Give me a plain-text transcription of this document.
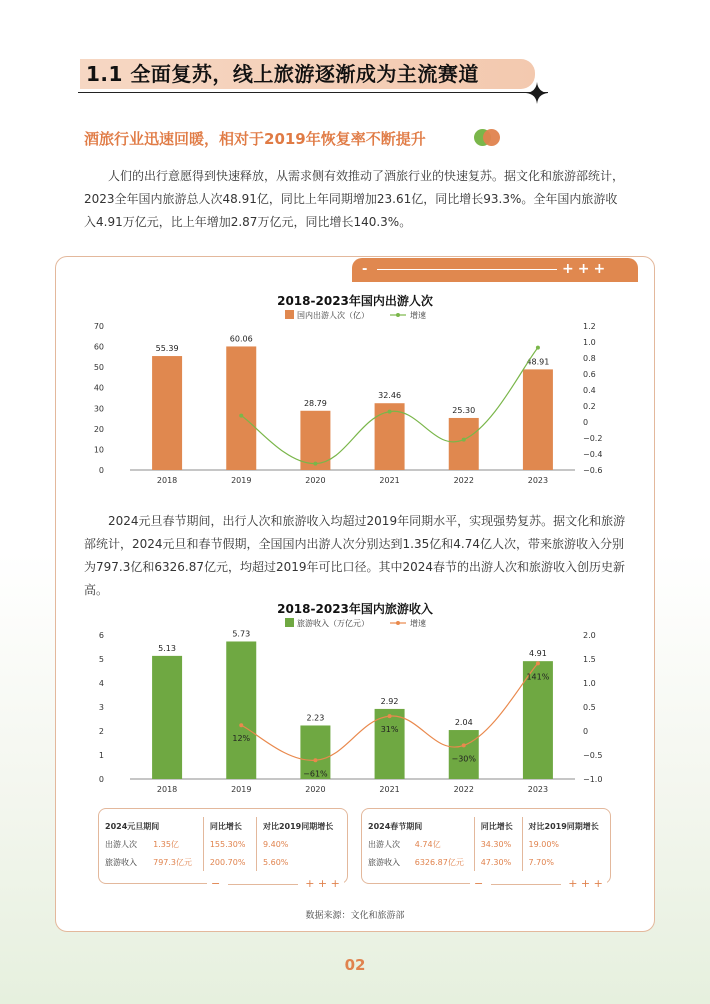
1.1 全面复苏，线上旅游逐渐成为主流赛道
酒旅行业迅速回暖，相对于2019年恢复率不断提升

人们的出行意愿得到快速释放，从需求侧有效推动了酒旅行业的快速复苏。据文化和旅游部统计，2023全年国内旅游总人次48.91亿，同比上年同期增加23.61亿，同比增长93.3%。全年国内旅游收入4.91万亿元，比上年增加2.87万亿元，同比增长140.3%。

-	+++
2018-2023年国内出游人次
国内出游人次（亿）	增速
0
10
20
30
40
50
60
70
−0.6
−0.4
−0.2
0
0.2
0.4
0.6
0.8
1.0
1.2
55.39
2018
60.06
2019
28.79
2020
32.46
2021
25.30
2022
48.91
2023

2024元旦春节期间，出行人次和旅游收入均超过2019年同期水平，实现强势复苏。据文化和旅游部统计，2024元旦和春节假期，全国国内出游人次分别达到1.35亿和4.74亿人次，带来旅游收入分别为797.3亿和6326.87亿元，均超过2019年可比口径。其中2024春节的出游人次和旅游收入创历史新高。

2018-2023年国内旅游收入
旅游收入（万亿元）	增速
0
1
2
3
4
5
6
−1.0
−0.5
0
0.5
1.0
1.5
2.0
5.13
2018
5.73
2019
2.23
2020
2.92
2021
2.04
2022
4.91
2023
12%
−61%
31%
−30%
141%
2024元旦期间		同比增长	对比2019同期增长
出游人次	1.35亿	155.30%	9.40%
旅游收入	797.3亿元	200.70%	5.60%
−	+ + +
2024春节期间		同比增长	对比2019同期增长
出游人次	4.74亿	34.30%	19.00%
旅游收入	6326.87亿元	47.30%	7.70%
−	+ + +
数据来源：文化和旅游部
02
